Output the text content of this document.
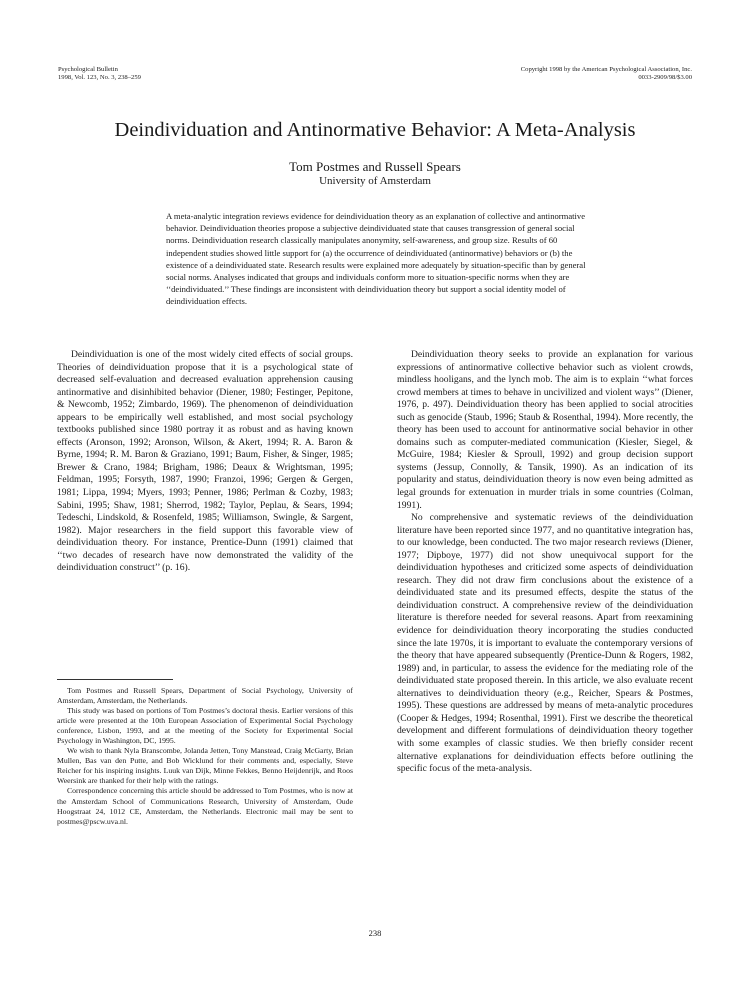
Psychological Bulletin
1998, Vol. 123, No. 3, 238–259
Copyright 1998 by the American Psychological Association, Inc.
0033-2909/98/$3.00
Deindividuation and Antinormative Behavior: A Meta-Analysis
Tom Postmes and Russell Spears
University of Amsterdam
A meta-analytic integration reviews evidence for deindividuation theory as an explanation of collective and antinormative behavior. Deindividuation theories propose a subjective deindividuated state that causes transgression of general social norms. Deindividuation research classically manipulates anonymity, self-awareness, and group size. Results of 60 independent studies showed little support for (a) the occurrence of deindividuated (antinormative) behaviors or (b) the existence of a deindividuated state. Research results were explained more adequately by situation-specific than by general social norms. Analyses indicated that groups and individuals conform more to situation-specific norms when they are ‘‘deindividuated.’’ These findings are inconsistent with deindividuation theory but support a social identity model of deindividuation effects.

Deindividuation is one of the most widely cited effects of social groups. Theories of deindividuation propose that it is a psychological state of decreased self-evaluation and decreased evaluation apprehension causing antinormative and disinhibited behavior (Diener, 1980; Festinger, Pepitone, & Newcomb, 1952; Zimbardo, 1969). The phenomenon of deindividuation appears to be empirically well established, and most social psychology textbooks published since 1980 portray it as robust and as having known effects (Aronson, 1992; Aronson, Wilson, & Akert, 1994; R. A. Baron & Byrne, 1994; R. M. Baron & Graziano, 1991; Baum, Fisher, & Singer, 1985; Brewer & Crano, 1984; Brigham, 1986; Deaux & Wrightsman, 1995; Feldman, 1995; Forsyth, 1987, 1990; Franzoi, 1996; Gergen & Gergen, 1981; Lippa, 1994; Myers, 1993; Penner, 1986; Perlman & Cozby, 1983; Sabini, 1995; Shaw, 1981; Sherrod, 1982; Taylor, Peplau, & Sears, 1994; Tedeschi, Lindskold, & Rosenfeld, 1985; Williamson, Swingle, & Sargent, 1982). Major researchers in the field support this favorable view of deindividuation theory. For instance, Prentice-Dunn (1991) claimed that ‘‘two decades of research have now demonstrated the validity of the deindividuation construct’’ (p. 16).

Tom Postmes and Russell Spears, Department of Social Psychology, University of Amsterdam, Amsterdam, the Netherlands.

This study was based on portions of Tom Postmes’s doctoral thesis. Earlier versions of this article were presented at the 10th European Association of Experimental Social Psychology conference, Lisbon, 1993, and at the meeting of the Society for Experimental Social Psychology in Washington, DC, 1995.

We wish to thank Nyla Branscombe, Jolanda Jetten, Tony Manstead, Craig McGarty, Brian Mullen, Bas van den Putte, and Bob Wicklund for their comments and, especially, Steve Reicher for his inspiring insights. Luuk van Dijk, Minne Fekkes, Benno Heijdenrijk, and Roos Weersink are thanked for their help with the ratings.

Correspondence concerning this article should be addressed to Tom Postmes, who is now at the Amsterdam School of Communications Research, University of Amsterdam, Oude Hoogstraat 24, 1012 CE, Amsterdam, the Netherlands. Electronic mail may be sent to postmes@pscw.uva.nl.

Deindividuation theory seeks to provide an explanation for various expressions of antinormative collective behavior such as violent crowds, mindless hooligans, and the lynch mob. The aim is to explain ‘‘what forces crowd members at times to behave in uncivilized and violent ways’’ (Diener, 1976, p. 497). Deindividuation theory has been applied to social atrocities such as genocide (Staub, 1996; Staub & Rosenthal, 1994). More recently, the theory has been used to account for antinormative social behavior in other domains such as computer-mediated communication (Kiesler, Siegel, & McGuire, 1984; Kiesler & Sproull, 1992) and group decision support systems (Jessup, Connolly, & Tansik, 1990). As an indication of its popularity and status, deindividuation theory is now even being admitted as legal grounds for extenuation in murder trials in some countries (Colman, 1991).

No comprehensive and systematic reviews of the deindividuation literature have been reported since 1977, and no quantitative integration has, to our knowledge, been conducted. The two major research reviews (Diener, 1977; Dipboye, 1977) did not show unequivocal support for the deindividuation hypotheses and criticized some aspects of deindividuation research. They did not draw firm conclusions about the existence of a deindividuated state and its presumed effects, despite the status of the deindividuation construct. A comprehensive review of the deindividuation literature is therefore needed for several reasons. Apart from reexamining evidence for deindividuation theory incorporating the studies conducted since the late 1970s, it is important to evaluate the contemporary versions of the theory that have appeared subsequently (Prentice-Dunn & Rogers, 1982, 1989) and, in particular, to assess the evidence for the mediating role of the deindividuated state proposed therein. In this article, we also evaluate recent alternatives to deindividuation theory (e.g., Reicher, Spears & Postmes, 1995). These questions are addressed by means of meta-analytic procedures (Cooper & Hedges, 1994; Rosenthal, 1991). First we describe the theoretical development and different formulations of deindividuation theory together with some examples of classic studies. We then briefly consider recent alternative explanations for deindividuation effects before outlining the specific focus of the meta-analysis.

238
